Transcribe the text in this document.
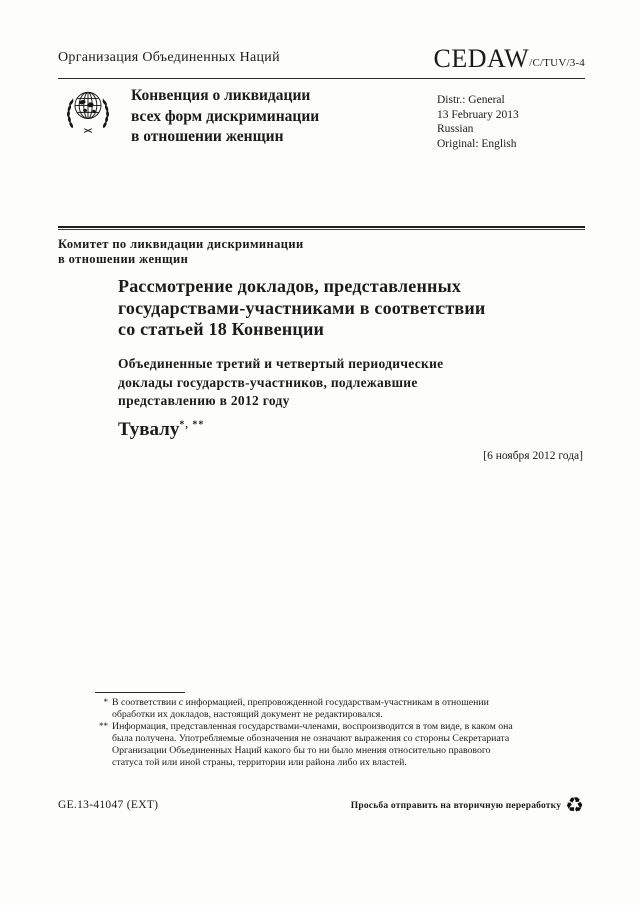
Организация Объединенных Наций	CEDAW/C/TUV/3-4
Конвенция о ликвидации
всех форм дискриминации
в отношении женщин
Distr.: General
13 February 2013
Russian
Original: English
Комитет по ликвидации дискриминации
в отношении женщин
Рассмотрение докладов, представленных
государствами-участниками в соответствии
со статьей 18 Конвенции
Объединенные третий и четвертый периодические
доклады государств-участников, подлежавшие
представлению в 2012 году
Тувалу*, **
[6 ноября 2012 года]
* В соответствии с информацией, препровожденной государствам-участникам в отношении обработки их докладов, настоящий документ не редактировался.
** Информация, представленная государствами-членами, воспроизводится в том виде, в каком она была получена. Употребляемые обозначения не означают выражения со стороны Секретариата Организации Объединенных Наций какого бы то ни было мнения относительно правового статуса той или иной страны, территории или района либо их властей.
GE.13-41047 (EXT)	Просьба отправить на вторичную переработку ♻︎
